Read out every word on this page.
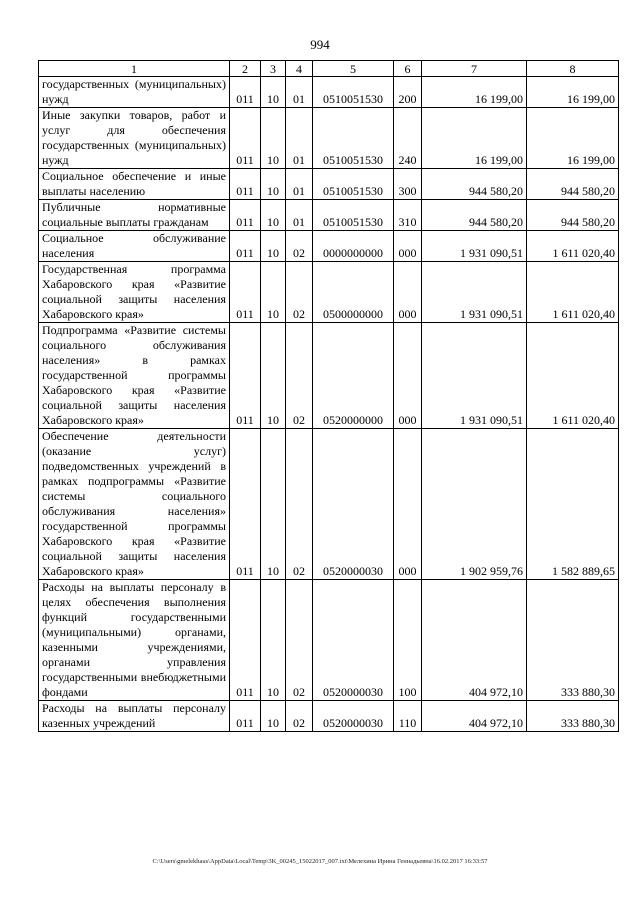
994
1	2	3	4	5	6	7	8
государственных (муниципальных) нужд	011	10	01	0510051530	200	16 199,00	16 199,00
Иные закупки товаров, работ и услуг для обеспечения государственных (муниципальных) нужд	011	10	01	0510051530	240	16 199,00	16 199,00
Социальное обеспечение и иные выплаты населению	011	10	01	0510051530	300	944 580,20	944 580,20
Публичные нормативные социальные выплаты гражданам	011	10	01	0510051530	310	944 580,20	944 580,20
Социальное обслуживание населения	011	10	02	0000000000	000	1 931 090,51	1 611 020,40
Государственная программа Хабаровского края «Развитие социальной защиты населения Хабаровского края»	011	10	02	0500000000	000	1 931 090,51	1 611 020,40
Подпрограмма «Развитие системы социального обслуживания населения» в рамках государственной программы Хабаровского края «Развитие социальной защиты населения Хабаровского края»	011	10	02	0520000000	000	1 931 090,51	1 611 020,40
Обеспечение деятельности (оказание услуг) подведомственных учреждений в рамках подпрограммы «Развитие системы социального обслуживания населения» государственной программы Хабаровского края «Развитие социальной защиты населения Хабаровского края»	011	10	02	0520000030	000	1 902 959,76	1 582 889,65
Расходы на выплаты персоналу в целях обеспечения выполнения функций государственными (муниципальными) органами, казенными учреждениями, органами управления государственными внебюджетными фондами	011	10	02	0520000030	100	404 972,10	333 880,30
Расходы на выплаты персоналу казенных учреждений	011	10	02	0520000030	110	404 972,10	333 880,30
C:\Users\gmelekhaus\AppData\Local\Temp\3K_00245_15022017_007.txt\Мелехина Ирина Геннадьевна\16.02.2017 16:33:57
